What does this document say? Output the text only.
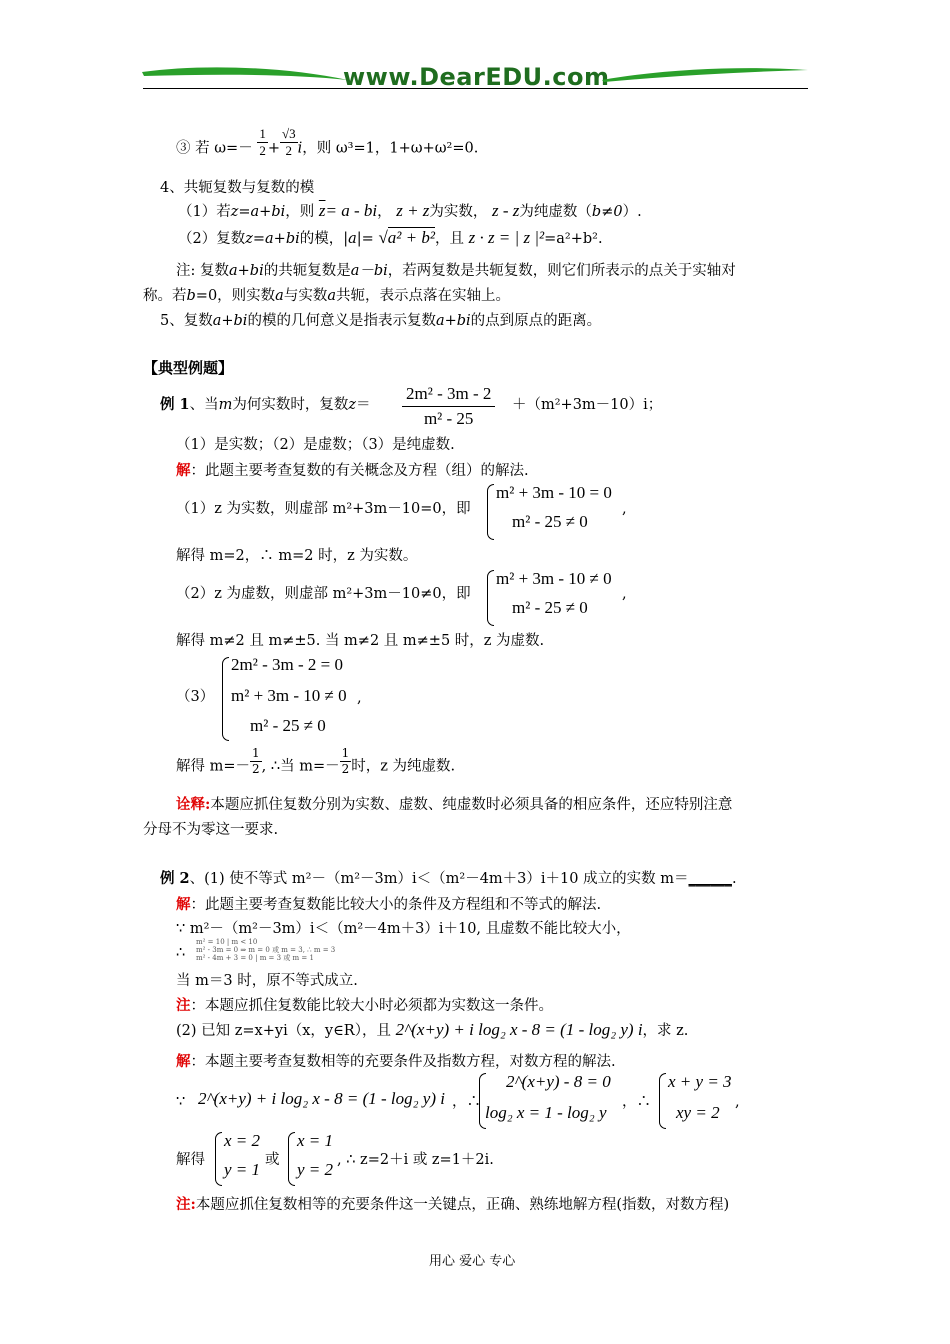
www.DearEDU.com
③ 若 $\omega=- \frac{1}{2} + \frac{√3}{2}$ i，则 ω³=1，1+ω+ω²=0.
4、共轭复数与复数的模
（1）若z=a+bi，则 $\overline{z}= a$ - bi， z + z为实数， z - z为纯虚数（b≠0）.
（2）复数z=a+bi的模，|a|= √a² + b²，且 z · z = | z |²=a²+b².
注: 复数a+bi的共轭复数是a－bi，若两复数是共轭复数，则它们所表示的点关于实轴对
称。若b=0，则实数a与实数a共轭，表示点落在实轴上。
5、复数a+bi的模的几何意义是指表示复数a+bi的点到原点的距离。
【典型例题】
例 1、当m为何实数时，复数z＝
2m² - 3m - 2
m² - 25
＋（m²+3m－10）i；
（1）是实数；（2）是虚数；（3）是纯虚数.
解：此题主要考查复数的有关概念及方程（组）的解法.
（1）z 为实数，则虚部 m²+3m－10=0，即
m² + 3m - 10 = 0
m² - 25 ≠ 0
,
解得 m=2，∴ m=2 时，z 为实数。
（2）z 为虚数，则虚部 m²+3m－10≠0，即
m² + 3m - 10 ≠ 0
m² - 25 ≠ 0
,
解得 m≠2 且 m≠±5. 当 m≠2 且 m≠±5 时，z 为虚数.
（3）
2m² - 3m - 2 = 0
m² + 3m - 10 ≠ 0 ,
m² - 25 ≠ 0
解得 $m=- \frac{1}{2}$ , ∴当 $m=- \frac{1}{2}$ 时，z 为纯虚数.
诠释:本题应抓住复数分别为实数、虚数、纯虚数时必须具备的相应条件，还应特别注意
分母不为零这一要求.
例 2、(1) 使不等式 m²－（m²－3m）i＜（m²－4m＋3）i＋10 成立的实数 m＝______.
解：此题主要考查复数能比较大小的条件及方程组和不等式的解法.
∵ m²－（m²－3m）i＜（m²－4m＋3）i＋10, 且虚数不能比较大小，
∴
m² = 10 | m < 10
m² - 3m = 0 ⇒ m = 0 或 m = 3, ∴ m = 3
m² - 4m + 3 = 0 | m = 3 或 m = 1
当 m＝3 时，原不等式成立.
注：本题应抓住复数能比较大小时必须都为实数这一条件。
(2) 已知 z=x+yi（x，y∈R），且 2^(x+y) + i log₂ x - 8 = (1 - log₂ y) i，求 z.
解：本题主要考查复数相等的充要条件及指数方程，对数方程的解法.
∵ 2^(x+y) + i log₂ x - 8 = (1 - log₂ y) i ，∴
2^(x+y) - 8 = 0
log₂ x = 1 - log₂ y
，∴
x + y = 3
xy = 2
,
解得
x = 2
y = 1 或
x = 1
y = 2 , ∴ z=2＋i 或 z=1＋2i.
注:本题应抓住复数相等的充要条件这一关键点，正确、熟练地解方程(指数，对数方程)
用心 爱心 专心
